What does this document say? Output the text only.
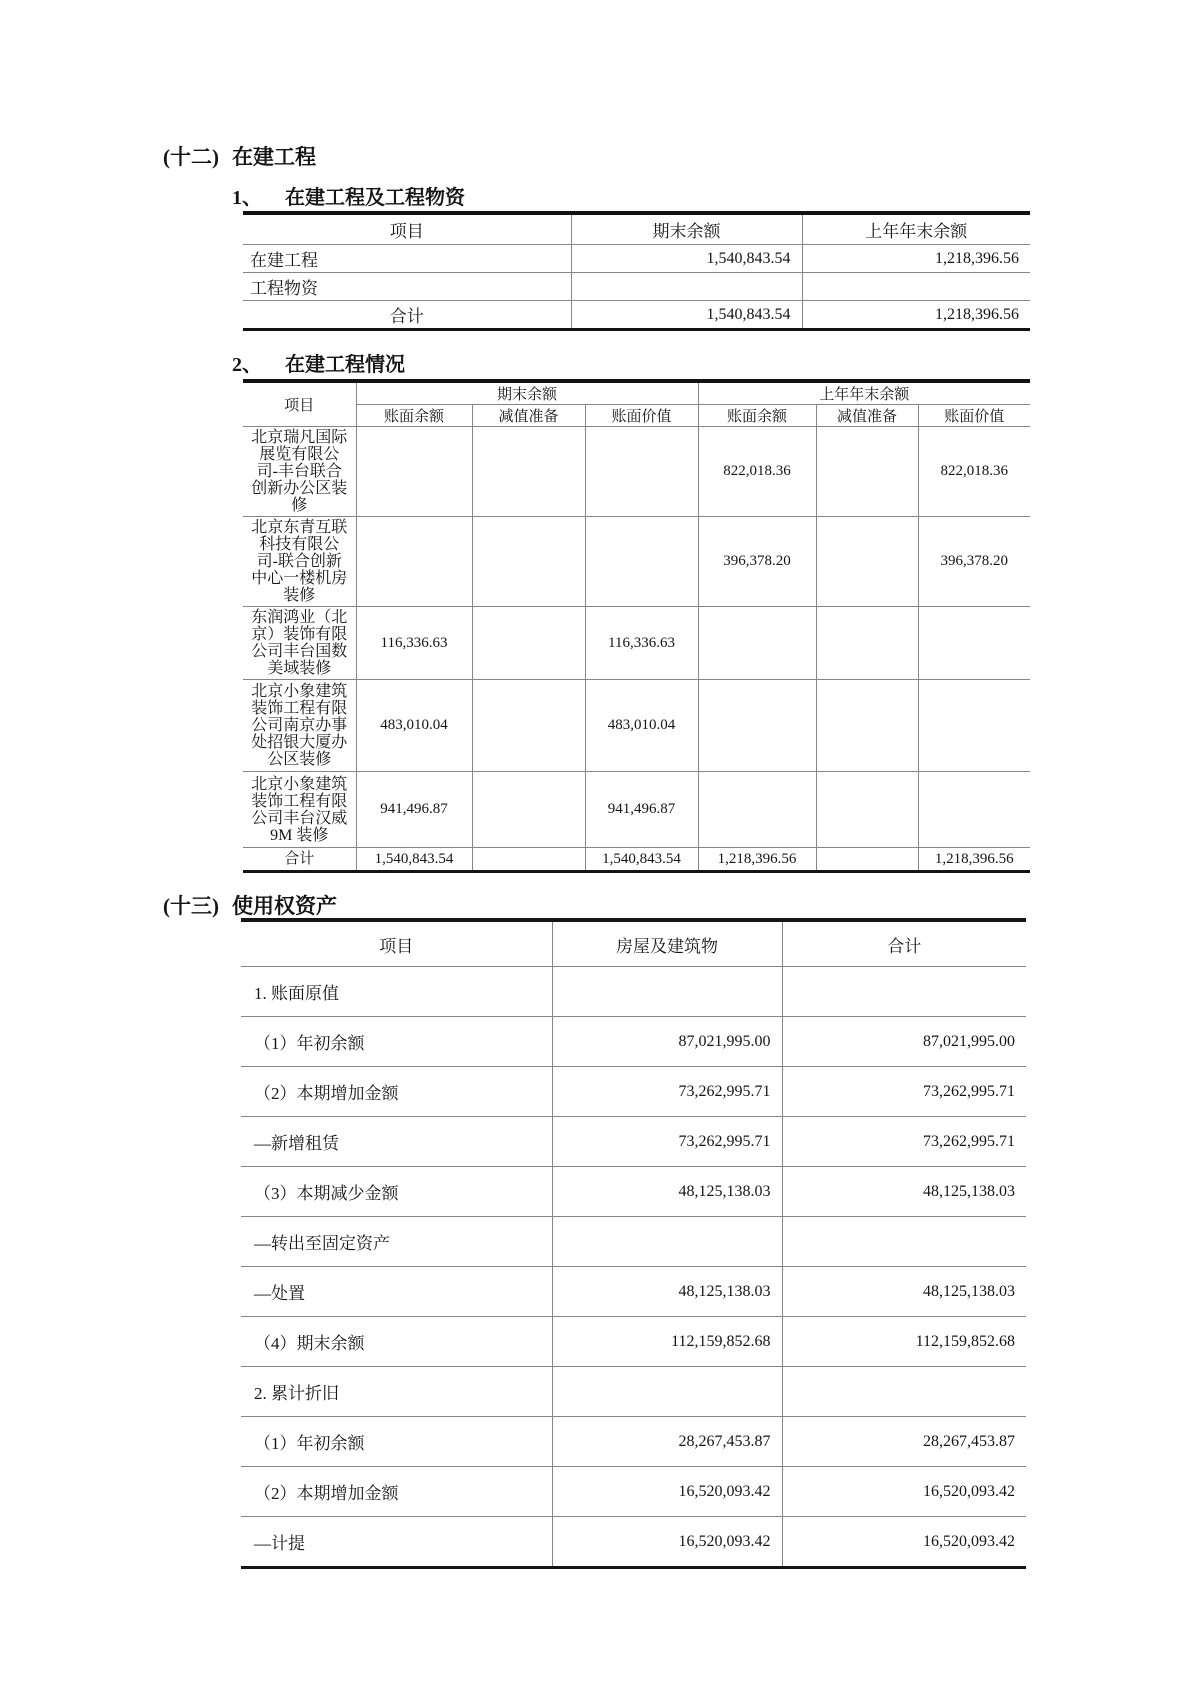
(十二) 在建工程
1、	在建工程及工程物资
项目	期末余额	上年年末余额
在建工程	1,540,843.54	1,218,396.56
工程物资		
合计	1,540,843.54	1,218,396.56
2、	在建工程情况
项目	期末余额			上年年末余额		
	账面余额	减值准备	账面价值	账面余额	减值准备	账面价值
北京瑞凡国际展览有限公司-丰台联合创新办公区装修				822,018.36		822,018.36
北京东青互联科技有限公司-联合创新中心一楼机房装修				396,378.20		396,378.20
东润鸿业（北京）装饰有限公司丰台国数美域装修	116,336.63		116,336.63			
北京小象建筑装饰工程有限公司南京办事处招银大厦办公区装修	483,010.04		483,010.04			
北京小象建筑装饰工程有限公司丰台汉威9M 装修	941,496.87		941,496.87			
合计	1,540,843.54		1,540,843.54	1,218,396.56		1,218,396.56
(十三) 使用权资产
项目	房屋及建筑物	合计
1. 账面原值		
（1）年初余额	87,021,995.00	87,021,995.00
（2）本期增加金额	73,262,995.71	73,262,995.71
—新增租赁	73,262,995.71	73,262,995.71
（3）本期减少金额	48,125,138.03	48,125,138.03
—转出至固定资产		
—处置	48,125,138.03	48,125,138.03
（4）期末余额	112,159,852.68	112,159,852.68
2. 累计折旧		
（1）年初余额	28,267,453.87	28,267,453.87
（2）本期增加金额	16,520,093.42	16,520,093.42
—计提	16,520,093.42	16,520,093.42
